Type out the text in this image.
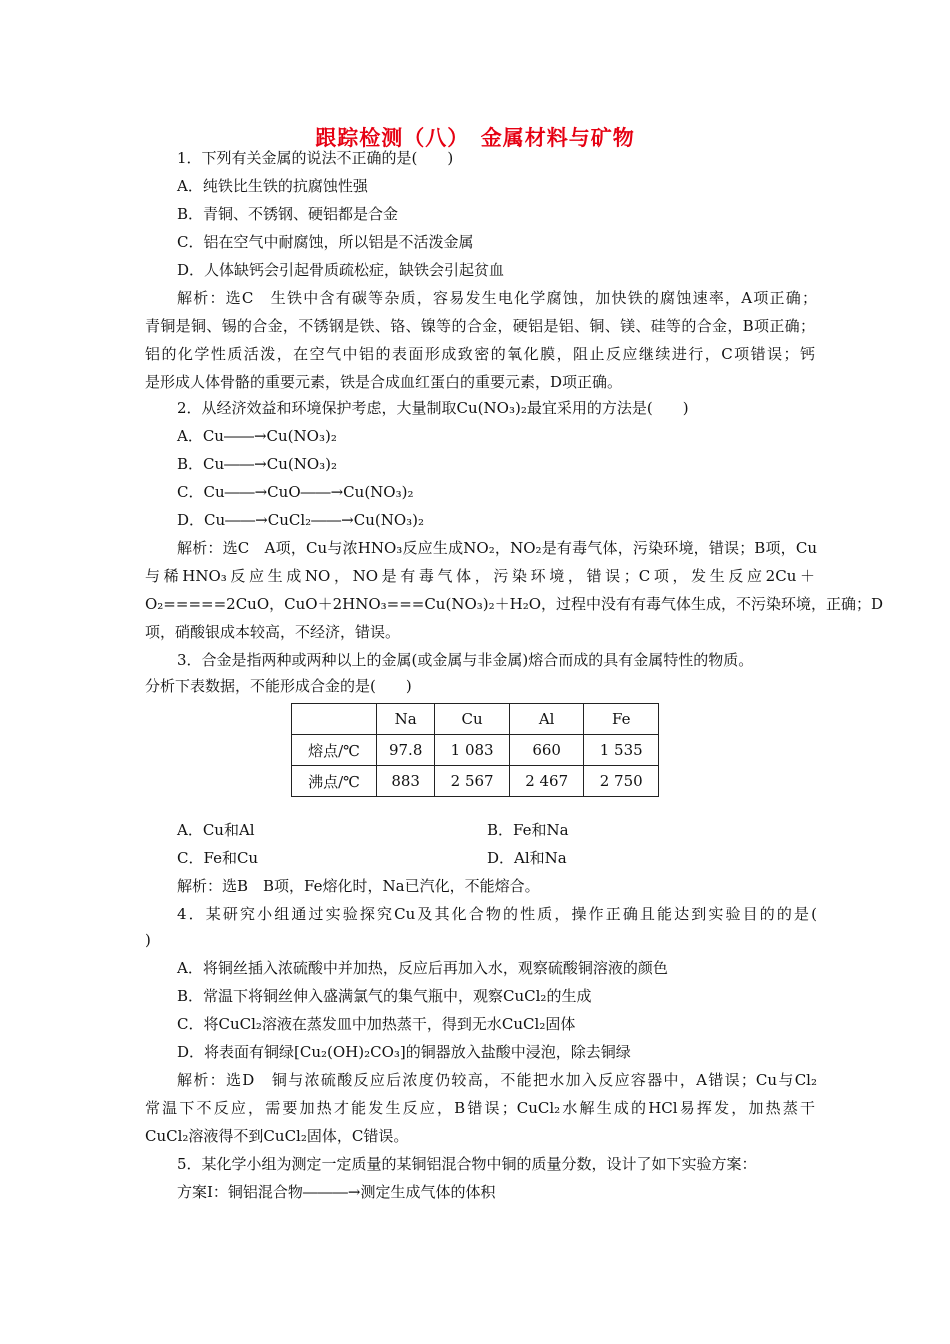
跟踪检测（八）　金属材料与矿物
1．下列有关金属的说法不正确的是(　　)
A．纯铁比生铁的抗腐蚀性强
B．青铜、不锈钢、硬铝都是合金
C．铝在空气中耐腐蚀，所以铝是不活泼金属
D．人体缺钙会引起骨质疏松症，缺铁会引起贫血
解析：选C　生铁中含有碳等杂质，容易发生电化学腐蚀，加快铁的腐蚀速率，A项正确；
青铜是铜、锡的合金，不锈钢是铁、铬、镍等的合金，硬铝是铝、铜、镁、硅等的合金，B项正确；
铝的化学性质活泼，在空气中铝的表面形成致密的氧化膜，阻止反应继续进行，C项错误；钙
是形成人体骨骼的重要元素，铁是合成血红蛋白的重要元素，D项正确。
2．从经济效益和环境保护考虑，大量制取Cu(NO₃)₂最宜采用的方法是(　　)
A．Cu――→Cu(NO₃)₂
B．Cu――→Cu(NO₃)₂
C．Cu――→CuO――→Cu(NO₃)₂
D．Cu――→CuCl₂――→Cu(NO₃)₂
解析：选C　A项，Cu与浓HNO₃反应生成NO₂，NO₂是有毒气体，污染环境，错误；B项，Cu
与稀HNO₃反应生成NO，NO是有毒气体，污染环境，错误；C项，发生反应2Cu＋
O₂=====2CuO，CuO＋2HNO₃===Cu(NO₃)₂＋H₂O，过程中没有有毒气体生成，不污染环境，正确；D
项，硝酸银成本较高，不经济，错误。
3．合金是指两种或两种以上的金属(或金属与非金属)熔合而成的具有金属特性的物质。
分析下表数据，不能形成合金的是(　　)
	Na	Cu	Al	Fe
熔点/℃	97.8	1 083	660	1 535
沸点/℃	883	2 567	2 467	2 750
A．Cu和Al	B．Fe和Na
C．Fe和Cu	D．Al和Na
解析：选B　B项，Fe熔化时，Na已汽化，不能熔合。
4．某研究小组通过实验探究Cu及其化合物的性质，操作正确且能达到实验目的的是(
)
A．将铜丝插入浓硫酸中并加热，反应后再加入水，观察硫酸铜溶液的颜色
B．常温下将铜丝伸入盛满氯气的集气瓶中，观察CuCl₂的生成
C．将CuCl₂溶液在蒸发皿中加热蒸干，得到无水CuCl₂固体
D．将表面有铜绿[Cu₂(OH)₂CO₃]的铜器放入盐酸中浸泡，除去铜绿
解析：选D　铜与浓硫酸反应后浓度仍较高，不能把水加入反应容器中，A错误；Cu与Cl₂
常温下不反应，需要加热才能发生反应，B错误；CuCl₂水解生成的HCl易挥发，加热蒸干
CuCl₂溶液得不到CuCl₂固体，C错误。
5．某化学小组为测定一定质量的某铜铝混合物中铜的质量分数，设计了如下实验方案：
方案Ⅰ：铜铝混合物―――→测定生成气体的体积
